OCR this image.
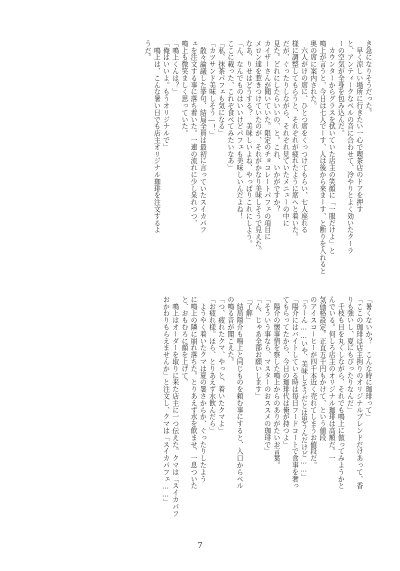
き急になりそうだった。
　早く涼しい場所に行きたい一心で喫茶店のドアを押す
と、アンティークなベルの音に合わせて、冷やりとよく効いたクーラ
ーの空気が全身を包み込んだ。
　カウンターからグラスを拭いていた店主の笑顔に「一服だけよ」と
鳴上が言うと、今日は七人でーす、人は後から来まーす、と断りを入れると
奥の席に案内された。
　六人がけの席に、ひとつ席をくっつけてもらい、七人座れる
様に調整してもらうと、それぞれが疲れたように席へと着いた。
だが、ぐったりしながら、それぞれ見ていたメニューの中に
見た。どれにしたらいいの、と。これ、いかがですか？
カイザーさんが聞いていた。限定のチョコレートパフェの項目に
メロン達を惹きつけていたのが、それがかなり美味しそうで見えた。
なあ、りせはどうする？　美味しいよね、やっぱりこれにしよう。
「ん、なんでものはいいけどパフェも美味しいんだよね！　
ここに載った、これぞ食べてみたいなあ」
「私、抹茶パフェも気になる」
「カツサンド美味しそう―！」
　散々論議した挙句、結局全員は最初に言っていたスイカパフ
ェを注文する事に落ち着いた。一連の流れに少し呆れつつ、
鳴上も微笑ましく思っていた。
「鳴上くんは？」
「俺はいいよ。もうオリジナルで」
　鳴上は、こんな暑い日でも店主オリジナル珈琲を注文するよ
うだ。
「暑くないか？　こんな時に珈琲って」
「ここの珈琲は店主拘りのオリジナルブレンドだけあって、香
りも強いし、夏にもぴったりなんだ」
　千枝も目を丸くしながら、それでも鳴上に倣ってみようかと
んでいる。何しろ店主のオリジナル珈琲は高額だ。一
気価格設定。正直五千円もかけて、という値段
のアイスコーヒーが四千本近く売れてしまうお値段だ。
「うーん……いや、美味しそうだとは思うんだけど……」
「陽介にはバイトしている時は毎日フードコートで食事を奢っ
てもらってたから、今日の珈琲代は俺が持つよ」
　陽介の懐事情を察した鳴上からのありがたいお言葉。
「そういう事なら、マスターのおススメの珈琲で」
「ん、じゃあ全部お願いします」
「了解」
　結局陽介も鳴上と同じものを頼む事にすると、入口からベル
の鳴る音が聞こえた。
「つ、疲れたクマ、やっと、着いたクマよ」
「お疲れ様。ほら、とりあえず水飲んだら」
　ようやく着いたクマは夏の暑さからか、ぐったりしたよう
に鳴上の隣に崩れ落ちた。とりあえず水を飲ませ、一息ついた
と、おもむろに顔を上げて、
　鳴上はオーダーを取りに来た店主に一つ伝えた。クマは「スイカパフ
おかわりもらえませんか」と注文し、クマは「スイカパフェ……」
7
